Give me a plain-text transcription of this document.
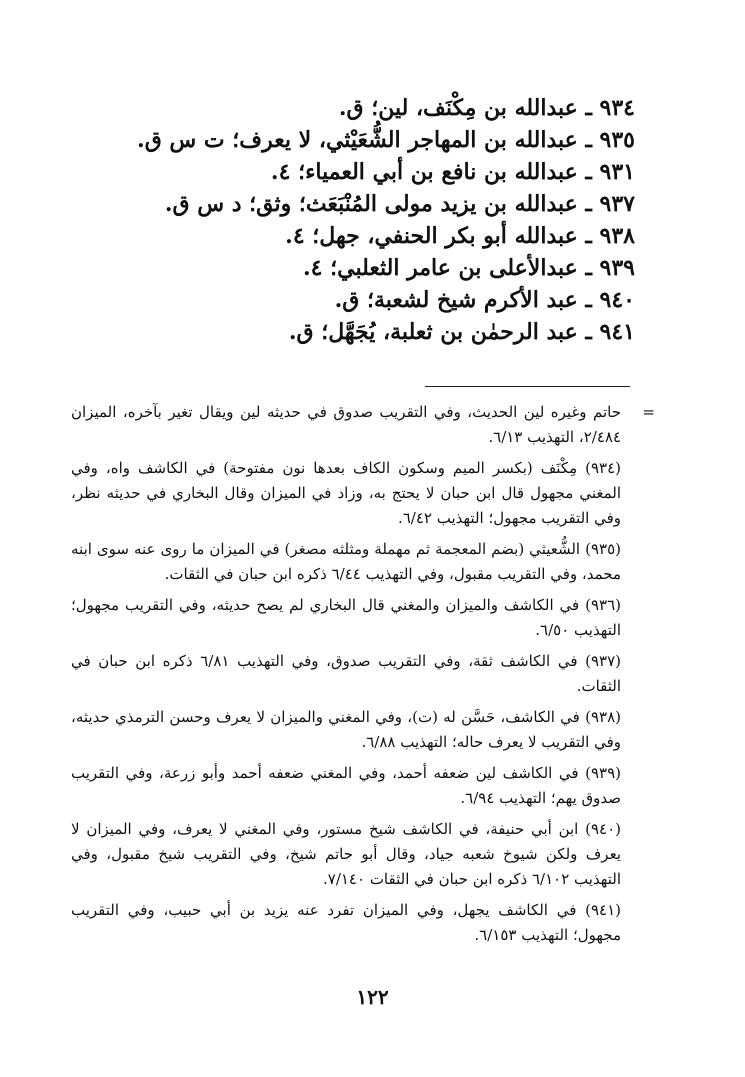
٩٣٤ ـ عبدالله بن مِكْنَف، لين؛ ق.
٩٣٥ ـ عبدالله بن المهاجر الشُّعَيْثي، لا يعرف؛ ت س ق.
٩٣١ ـ عبدالله بن نافع بن أبي العمياء؛ ٤.
٩٣٧ ـ عبدالله بن يزيد مولى المُنْبَعَث؛ وثق؛ د س ق.
٩٣٨ ـ عبدالله أبو بكر الحنفي، جهل؛ ٤.
٩٣٩ ـ عبدالأعلى بن عامر الثعلبي؛ ٤.
٩٤٠ ـ عبد الأكرم شيخ لشعبة؛ ق.
٩٤١ ـ عبد الرحمٰن بن ثعلبة، يُجَهَّل؛ ق.

=
حاتم وغيره لين الحديث، وفي التقريب صدوق في حديثه لين ويقال تغير بآخره، الميزان ٢/٤٨٤، التهذيب ٦/١٣.

(٩٣٤) مِكْنَف (بكسر الميم وسكون الكاف بعدها نون مفتوحة) في الكاشف واه، وفي المغني مجهول قال ابن حبان لا يحتج به، وزاد في الميزان وقال البخاري في حديثه نظر، وفي التقريب مجهول؛ التهذيب ٦/٤٢.

(٩٣٥) الشُّعيثي (بضم المعجمة ثم مهملة ومثلثه مصغر) في الميزان ما روى عنه سوى ابنه محمد، وفي التقريب مقبول، وفي التهذيب ٦/٤٤ ذكره ابن حبان في الثقات.

(٩٣٦) في الكاشف والميزان والمغني قال البخاري لم يصح حديثه، وفي التقريب مجهول؛ التهذيب ٦/٥٠.

(٩٣٧) في الكاشف ثقة، وفي التقريب صدوق، وفي التهذيب ٦/٨١ ذكره ابن حبان في الثقات.

(٩٣٨) في الكاشف، حَسَّن له (ت)، وفي المغني والميزان لا يعرف وحسن الترمذي حديثه، وفي التقريب لا يعرف حاله؛ التهذيب ٦/٨٨.

(٩٣٩) في الكاشف لين ضعفه أحمد، وفي المغني ضعفه أحمد وأبو زرعة، وفي التقريب صدوق يهم؛ التهذيب ٦/٩٤.

(٩٤٠) ابن أبي حنيفة، في الكاشف شيخ مستور، وفي المغني لا يعرف، وفي الميزان لا يعرف ولكن شيوخ شعبه جياد، وقال أبو حاتم شيخ، وفي التقريب شيخ مقبول، وفي التهذيب ٦/١٠٢ ذكره ابن حبان في الثقات ٧/١٤٠.

(٩٤١) في الكاشف يجهل، وفي الميزان تفرد عنه يزيد بن أبي حبيب، وفي التقريب مجهول؛ التهذيب ٦/١٥٣.

١٢٢
